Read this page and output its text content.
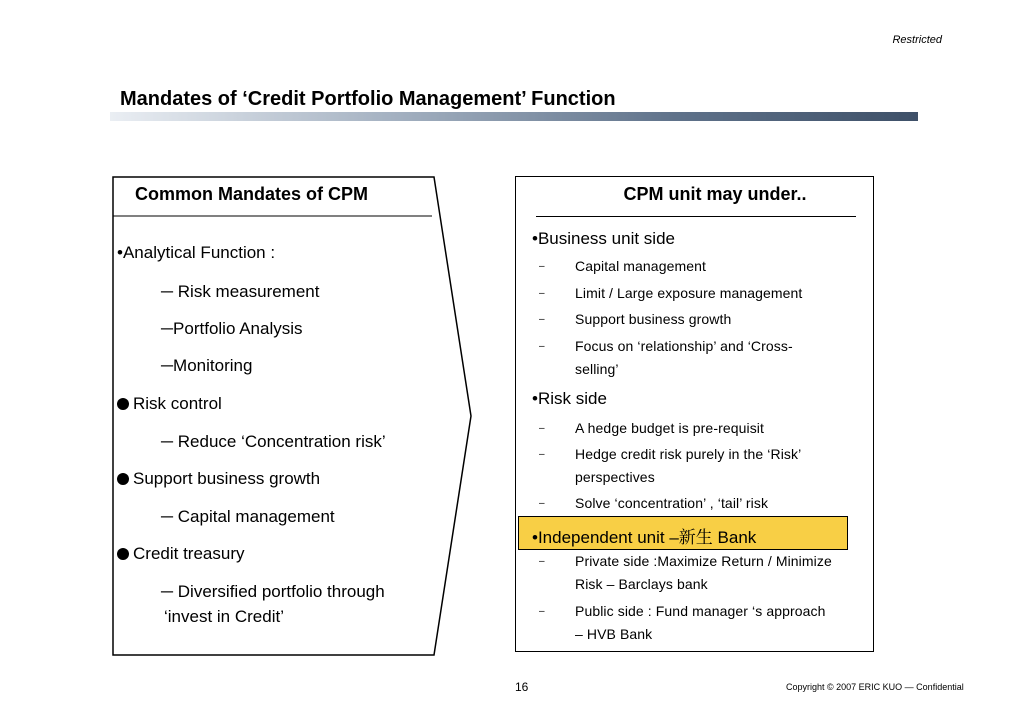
Restricted
Mandates of ‘Credit Portfolio Management’ Function
Common Mandates of CPM
•Analytical Function :
─ Risk measurement
─Portfolio Analysis
─Monitoring
Risk control
─ Reduce ‘Concentration risk’
Support business growth
─ Capital management
Credit treasury
─ Diversified portfolio through
‘invest in Credit’
CPM unit may under..
•Business unit side
– Capital management
– Limit / Large exposure management
– Support business growth
– Focus on ‘relationship’ and ‘Cross-
selling’
•Risk side
– A hedge budget is pre-requisit
– Hedge credit risk purely in the ‘Risk’
perspectives
– Solve ‘concentration’ , ‘tail’ risk
•Independent unit –新生 Bank
– Private side :Maximize Return / Minimize
Risk – Barclays bank
– Public side : Fund manager ‘s approach
– HVB Bank
16	Copyright © 2007 ERIC KUO — Confidential
